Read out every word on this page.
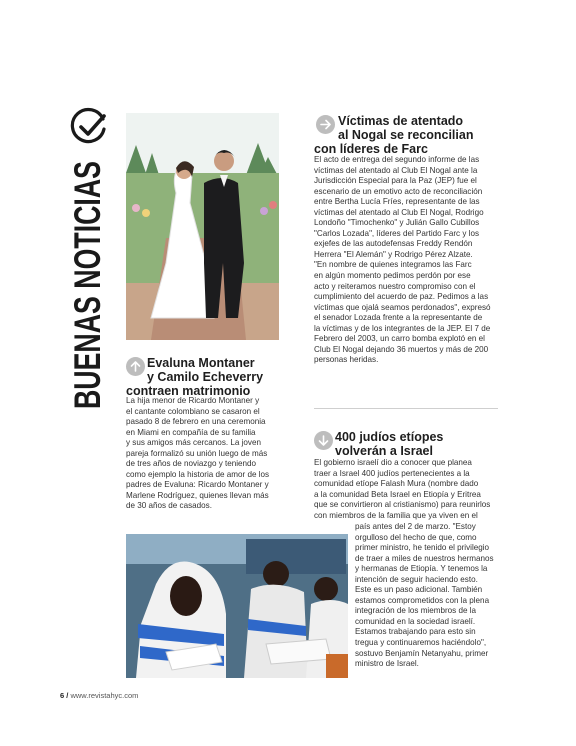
BUENAS NOTICIAS	Evaluna Montaner
y Camilo Echeverry
contraen matrimonio

La hija menor de Ricardo Montaner y

el cantante colombiano se casaron el

pasado 8 de febrero en una ceremonia

en Miami en compañía de su familia

y sus amigos más cercanos. La joven

pareja formalizó su unión luego de más

de tres años de noviazgo y teniendo

como ejemplo la historia de amor de los

padres de Evaluna: Ricardo Montaner y

Marlene Rodríguez, quienes llevan más

de 30 años de casados.

Víctimas de atentado
al Nogal se reconcilian
con líderes de Farc

El acto de entrega del segundo informe de las

víctimas del atentado al Club El Nogal ante la

Jurisdicción Especial para la Paz (JEP) fue el

escenario de un emotivo acto de reconciliación

entre Bertha Lucía Fríes, representante de las

víctimas del atentado al Club El Nogal, Rodrigo

Londoño "Timochenko" y Julián Gallo Cubillos

"Carlos Lozada", líderes del Partido Farc y los

exjefes de las autodefensas Freddy Rendón

Herrera "El Alemán" y Rodrigo Pérez Alzate.

"En nombre de quienes integramos las Farc

en algún momento pedimos perdón por ese

acto y reiteramos nuestro compromiso con el

cumplimiento del acuerdo de paz. Pedimos a las

víctimas que ojalá seamos perdonados", expresó

el senador Lozada frente a la representante de

la víctimas y de los integrantes de la JEP. El 7 de

Febrero del 2003, un carro bomba explotó en el

Club El Nogal dejando 36 muertos y más de 200

personas heridas.

400 judíos etíopes
volverán a Israel

El gobierno israelí dio a conocer que planea

traer a Israel 400 judíos pertenecientes a la

comunidad etíope Falash Mura (nombre dado

a la comunidad Beta Israel en Etiopía y Eritrea

que se convirtieron al cristianismo) para reunirlos

con miembros de la familia que ya viven en el

país antes del 2 de marzo. "Estoy

orgulloso del hecho de que, como

primer ministro, he tenido el privilegio

de traer a miles de nuestros hermanos

y hermanas de Etiopía. Y tenemos la

intención de seguir haciendo esto.

Este es un paso adicional. También

estamos comprometidos con la plena

integración de los miembros de la

comunidad en la sociedad israelí.

Estamos trabajando para esto sin

tregua y continuaremos haciéndolo",

sostuvo Benjamín Netanyahu, primer

ministro de Israel.

6 / www.revistahyc.com
